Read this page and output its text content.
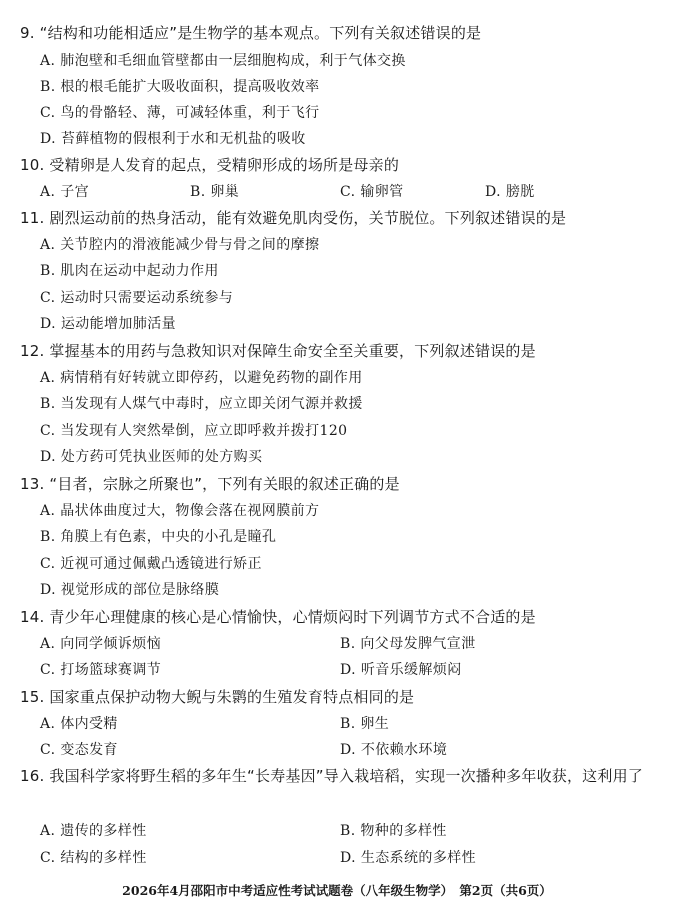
9. “结构和功能相适应”是生物学的基本观点。下列有关叙述错误的是
A. 肺泡壁和毛细血管壁都由一层细胞构成，利于气体交换
B. 根的根毛能扩大吸收面积，提高吸收效率
C. 鸟的骨骼轻、薄，可减轻体重，利于飞行
D. 苔藓植物的假根利于水和无机盐的吸收
10. 受精卵是人发育的起点，受精卵形成的场所是母亲的
A. 子宫	B. 卵巢	C. 输卵管	D. 膀胱
11. 剧烈运动前的热身活动，能有效避免肌肉受伤，关节脱位。下列叙述错误的是
A. 关节腔内的滑液能减少骨与骨之间的摩擦
B. 肌肉在运动中起动力作用
C. 运动时只需要运动系统参与
D. 运动能增加肺活量
12. 掌握基本的用药与急救知识对保障生命安全至关重要，下列叙述错误的是
A. 病情稍有好转就立即停药，以避免药物的副作用
B. 当发现有人煤气中毒时，应立即关闭气源并救援
C. 当发现有人突然晕倒，应立即呼救并拨打120
D. 处方药可凭执业医师的处方购买
13. “目者，宗脉之所聚也”，下列有关眼的叙述正确的是
A. 晶状体曲度过大，物像会落在视网膜前方
B. 角膜上有色素，中央的小孔是瞳孔
C. 近视可通过佩戴凸透镜进行矫正
D. 视觉形成的部位是脉络膜
14. 青少年心理健康的核心是心情愉快，心情烦闷时下列调节方式不合适的是
A. 向同学倾诉烦恼	B. 向父母发脾气宣泄
C. 打场篮球赛调节	D. 听音乐缓解烦闷
15. 国家重点保护动物大鲵与朱鹮的生殖发育特点相同的是
A. 体内受精	B. 卵生
C. 变态发育	D. 不依赖水环境
16. 我国科学家将野生稻的多年生“长寿基因”导入栽培稻，实现一次播种多年收获，这利用了
A. 遗传的多样性	B. 物种的多样性
C. 结构的多样性	D. 生态系统的多样性
2026年4月邵阳市中考适应性考试试题卷（八年级生物学）　第2页（共6页）
